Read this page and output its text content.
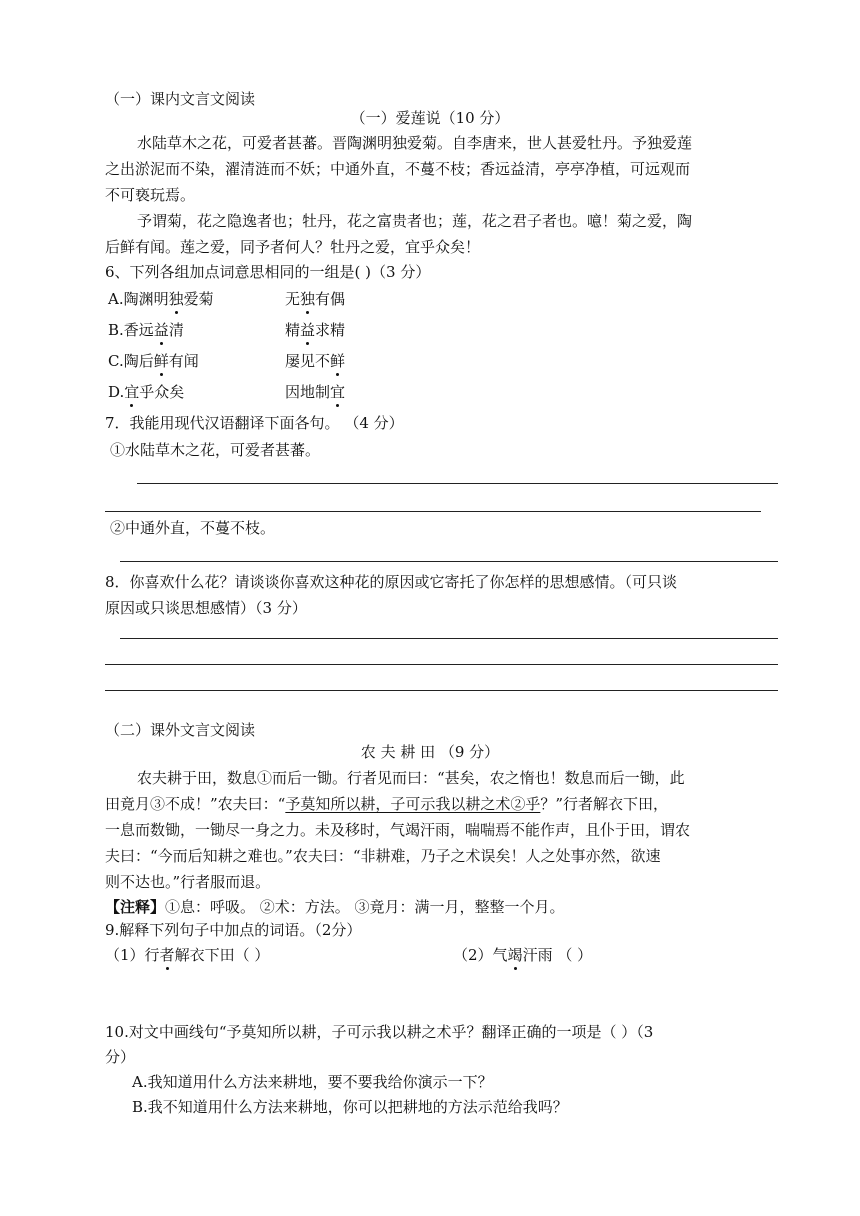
（一）课内文言文阅读
（一）爱莲说（10 分）
水陆草木之花，可爱者甚蕃。晋陶渊明独爱菊。自李唐来，世人甚爱牡丹。予独爱莲
之出淤泥而不染，濯清涟而不妖；中通外直，不蔓不枝；香远益清，亭亭净植，可远观而
不可亵玩焉。
予谓菊，花之隐逸者也；牡丹，花之富贵者也；莲，花之君子者也。噫！菊之爱，陶
后鲜有闻。莲之爱，同予者何人？牡丹之爱，宜乎众矣！
6、下列各组加点词意思相同的一组是( )（3 分）
A.陶渊明独爱菊	无独有偶
B.香远益清	精益求精
C.陶后鲜有闻	屡见不鲜
D.宜乎众矣	因地制宜
7．我能用现代汉语翻译下面各句。 （4 分）
①水陆草木之花，可爱者甚蕃。
②中通外直，不蔓不枝。
8．你喜欢什么花？请谈谈你喜欢这种花的原因或它寄托了你怎样的思想感情。（可只谈
原因或只谈思想感情）（3 分）
（二）课外文言文阅读
农 夫 耕 田 （9 分）
农夫耕于田，数息①而后一锄。行者见而曰：“甚矣，农之惰也！数息而后一锄，此
田竟月③不成！”农夫曰：“予莫知所以耕，子可示我以耕之术②乎？”行者解衣下田，
一息而数锄，一锄尽一身之力。未及移时，气竭汗雨，喘喘焉不能作声，且仆于田，谓农
夫曰：“今而后知耕之难也。”农夫曰：“非耕难，乃子之术误矣！人之处事亦然，欲速
则不达也。”行者服而退。
【注释】①息：呼吸。 ②术：方法。 ③竟月：满一月，整整一个月。
9.解释下列句子中加点的词语。（2分）
（1）行者解衣下田（ ）	（2）气竭汗雨 （ ）
10.对文中画线句“予莫知所以耕，子可示我以耕之术乎？翻译正确的一项是（ ）（3
分）
A.我知道用什么方法来耕地，要不要我给你演示一下？
B.我不知道用什么方法来耕地，你可以把耕地的方法示范给我吗？
